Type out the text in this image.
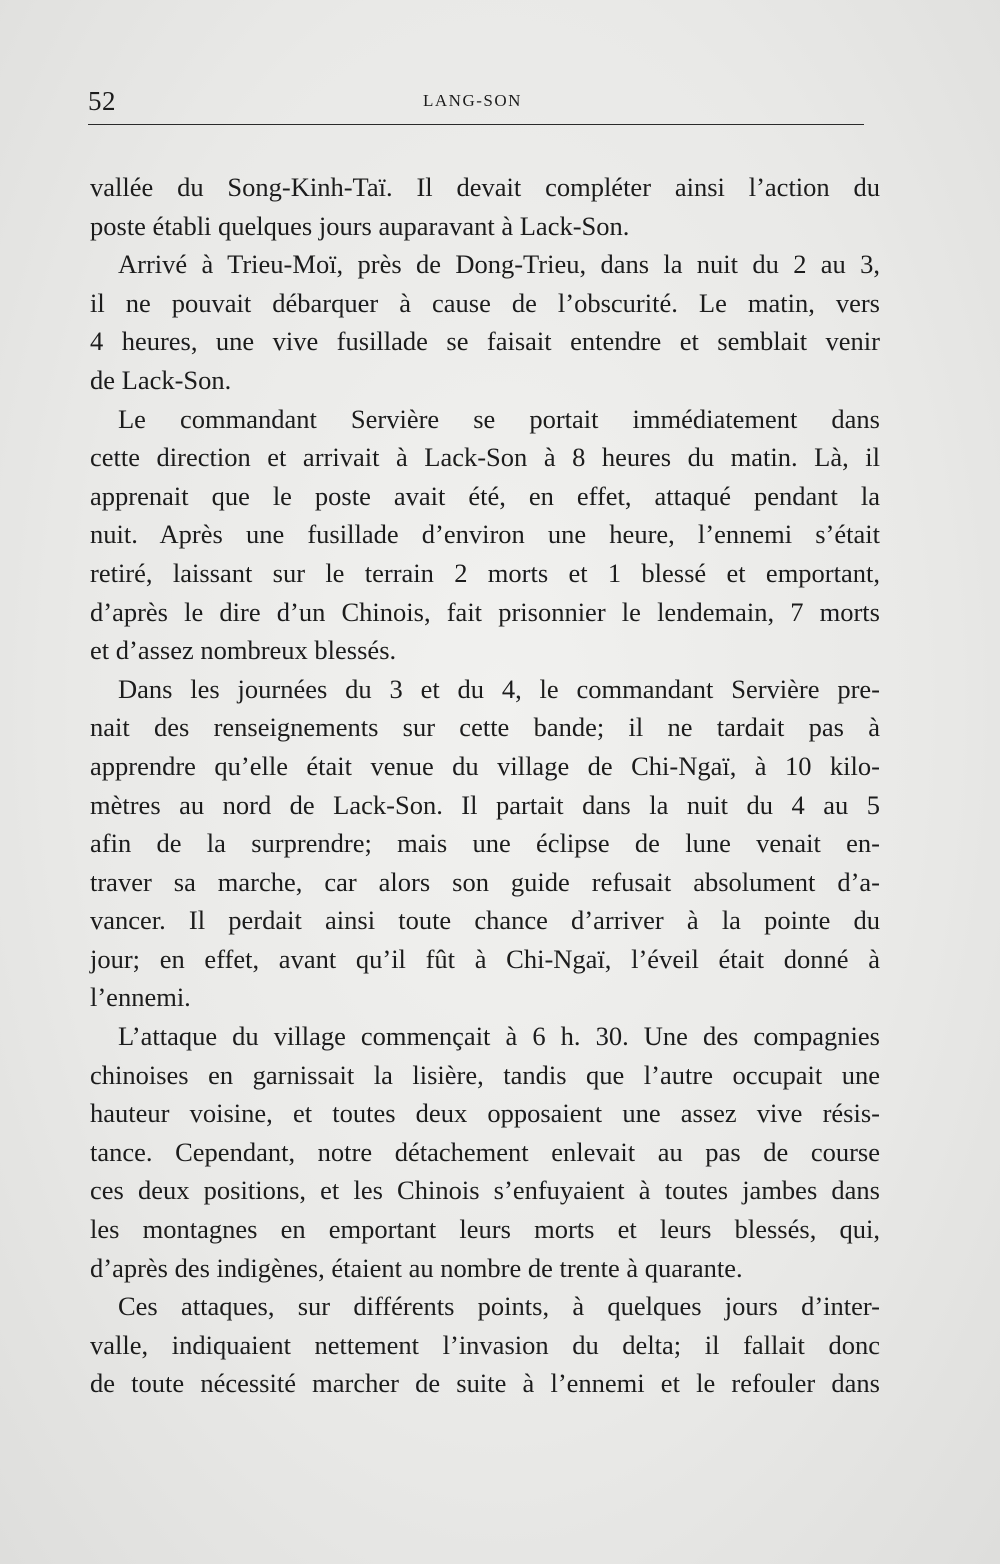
52	LANG-SON
vallée du Song-Kinh-Taï. Il devait compléter ainsi l’action du
poste établi quelques jours auparavant à Lack-Son.
Arrivé à Trieu-Moï, près de Dong-Trieu, dans la nuit du 2 au 3,
il ne pouvait débarquer à cause de l’obscurité. Le matin, vers
4 heures, une vive fusillade se faisait entendre et semblait venir
de Lack-Son.
Le commandant Servière se portait immédiatement dans
cette direction et arrivait à Lack-Son à 8 heures du matin. Là, il
apprenait que le poste avait été, en effet, attaqué pendant la
nuit. Après une fusillade d’environ une heure, l’ennemi s’était
retiré, laissant sur le terrain 2 morts et 1 blessé et emportant,
d’après le dire d’un Chinois, fait prisonnier le lendemain, 7 morts
et d’assez nombreux blessés.
Dans les journées du 3 et du 4, le commandant Servière pre-
nait des renseignements sur cette bande; il ne tardait pas à
apprendre qu’elle était venue du village de Chi-Ngaï, à 10 kilo-
mètres au nord de Lack-Son. Il partait dans la nuit du 4 au 5
afin de la surprendre; mais une éclipse de lune venait en-
traver sa marche, car alors son guide refusait absolument d’a-
vancer. Il perdait ainsi toute chance d’arriver à la pointe du
jour; en effet, avant qu’il fût à Chi-Ngaï, l’éveil était donné à
l’ennemi.
L’attaque du village commençait à 6 h. 30. Une des compagnies
chinoises en garnissait la lisière, tandis que l’autre occupait une
hauteur voisine, et toutes deux opposaient une assez vive résis-
tance. Cependant, notre détachement enlevait au pas de course
ces deux positions, et les Chinois s’enfuyaient à toutes jambes dans
les montagnes en emportant leurs morts et leurs blessés, qui,
d’après des indigènes, étaient au nombre de trente à quarante.
Ces attaques, sur différents points, à quelques jours d’inter-
valle, indiquaient nettement l’invasion du delta; il fallait donc
de toute nécessité marcher de suite à l’ennemi et le refouler dans
